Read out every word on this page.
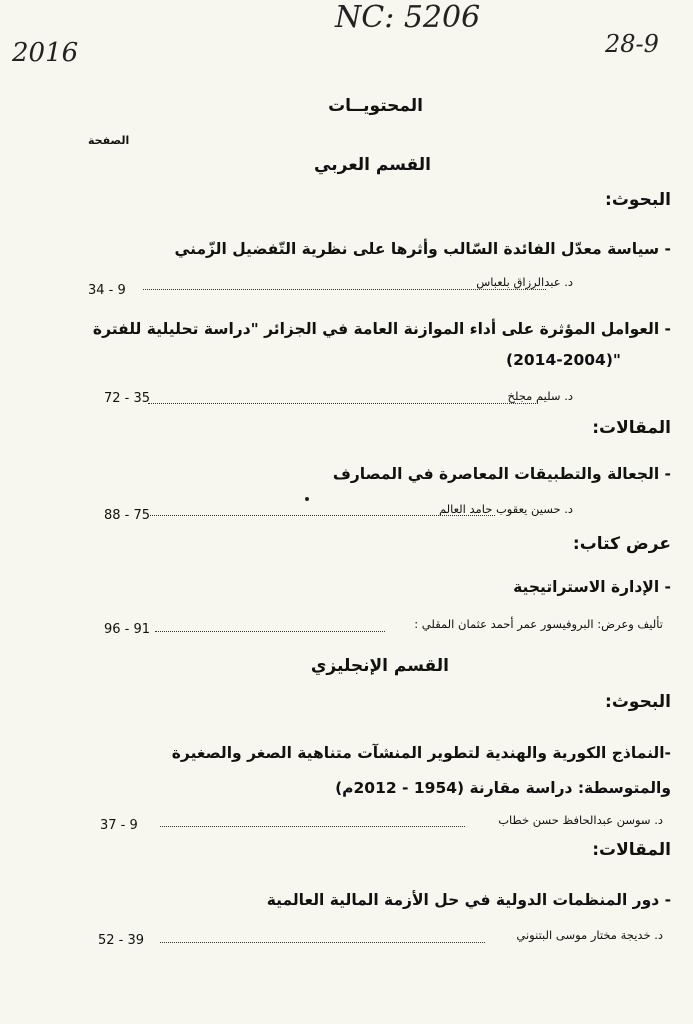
NC: 5206
2016	28-9
المحتويــات
الصفحة
القسم العربي
البحوث:
- سياسة معدّل الفائدة السّالب وأثرها على نظرية التّفضيل الزّمني
د. عبدالرزاق بلعباس
34 - 9
- العوامل المؤثرة على أداء الموازنة العامة في الجزائر "دراسة تحليلية للفترة
(2014-2004)"
د. سليم مجلخ
72 - 35
المقالات:
- الجعالة والتطبيقات المعاصرة في المصارف
د. حسين يعقوب حامد العالم
88 - 75
عرض كتاب:
- الإدارة الاستراتيجية
تأليف وعرض: البروفيسور عمر أحمد عثمان المقلي :
96 - 91
القسم الإنجليزي
البحوث:
-النماذج الكورية والهندية لتطوير المنشآت متناهية الصغر والصغيرة
والمتوسطة: دراسة مقارنة (1954 - 2012م)
د. سوسن عبدالحافظ حسن خطاب
37 - 9
المقالات:
- دور المنظمات الدولية في حل الأزمة المالية العالمية
د. خديجة مختار موسى البتنوني
52 - 39
